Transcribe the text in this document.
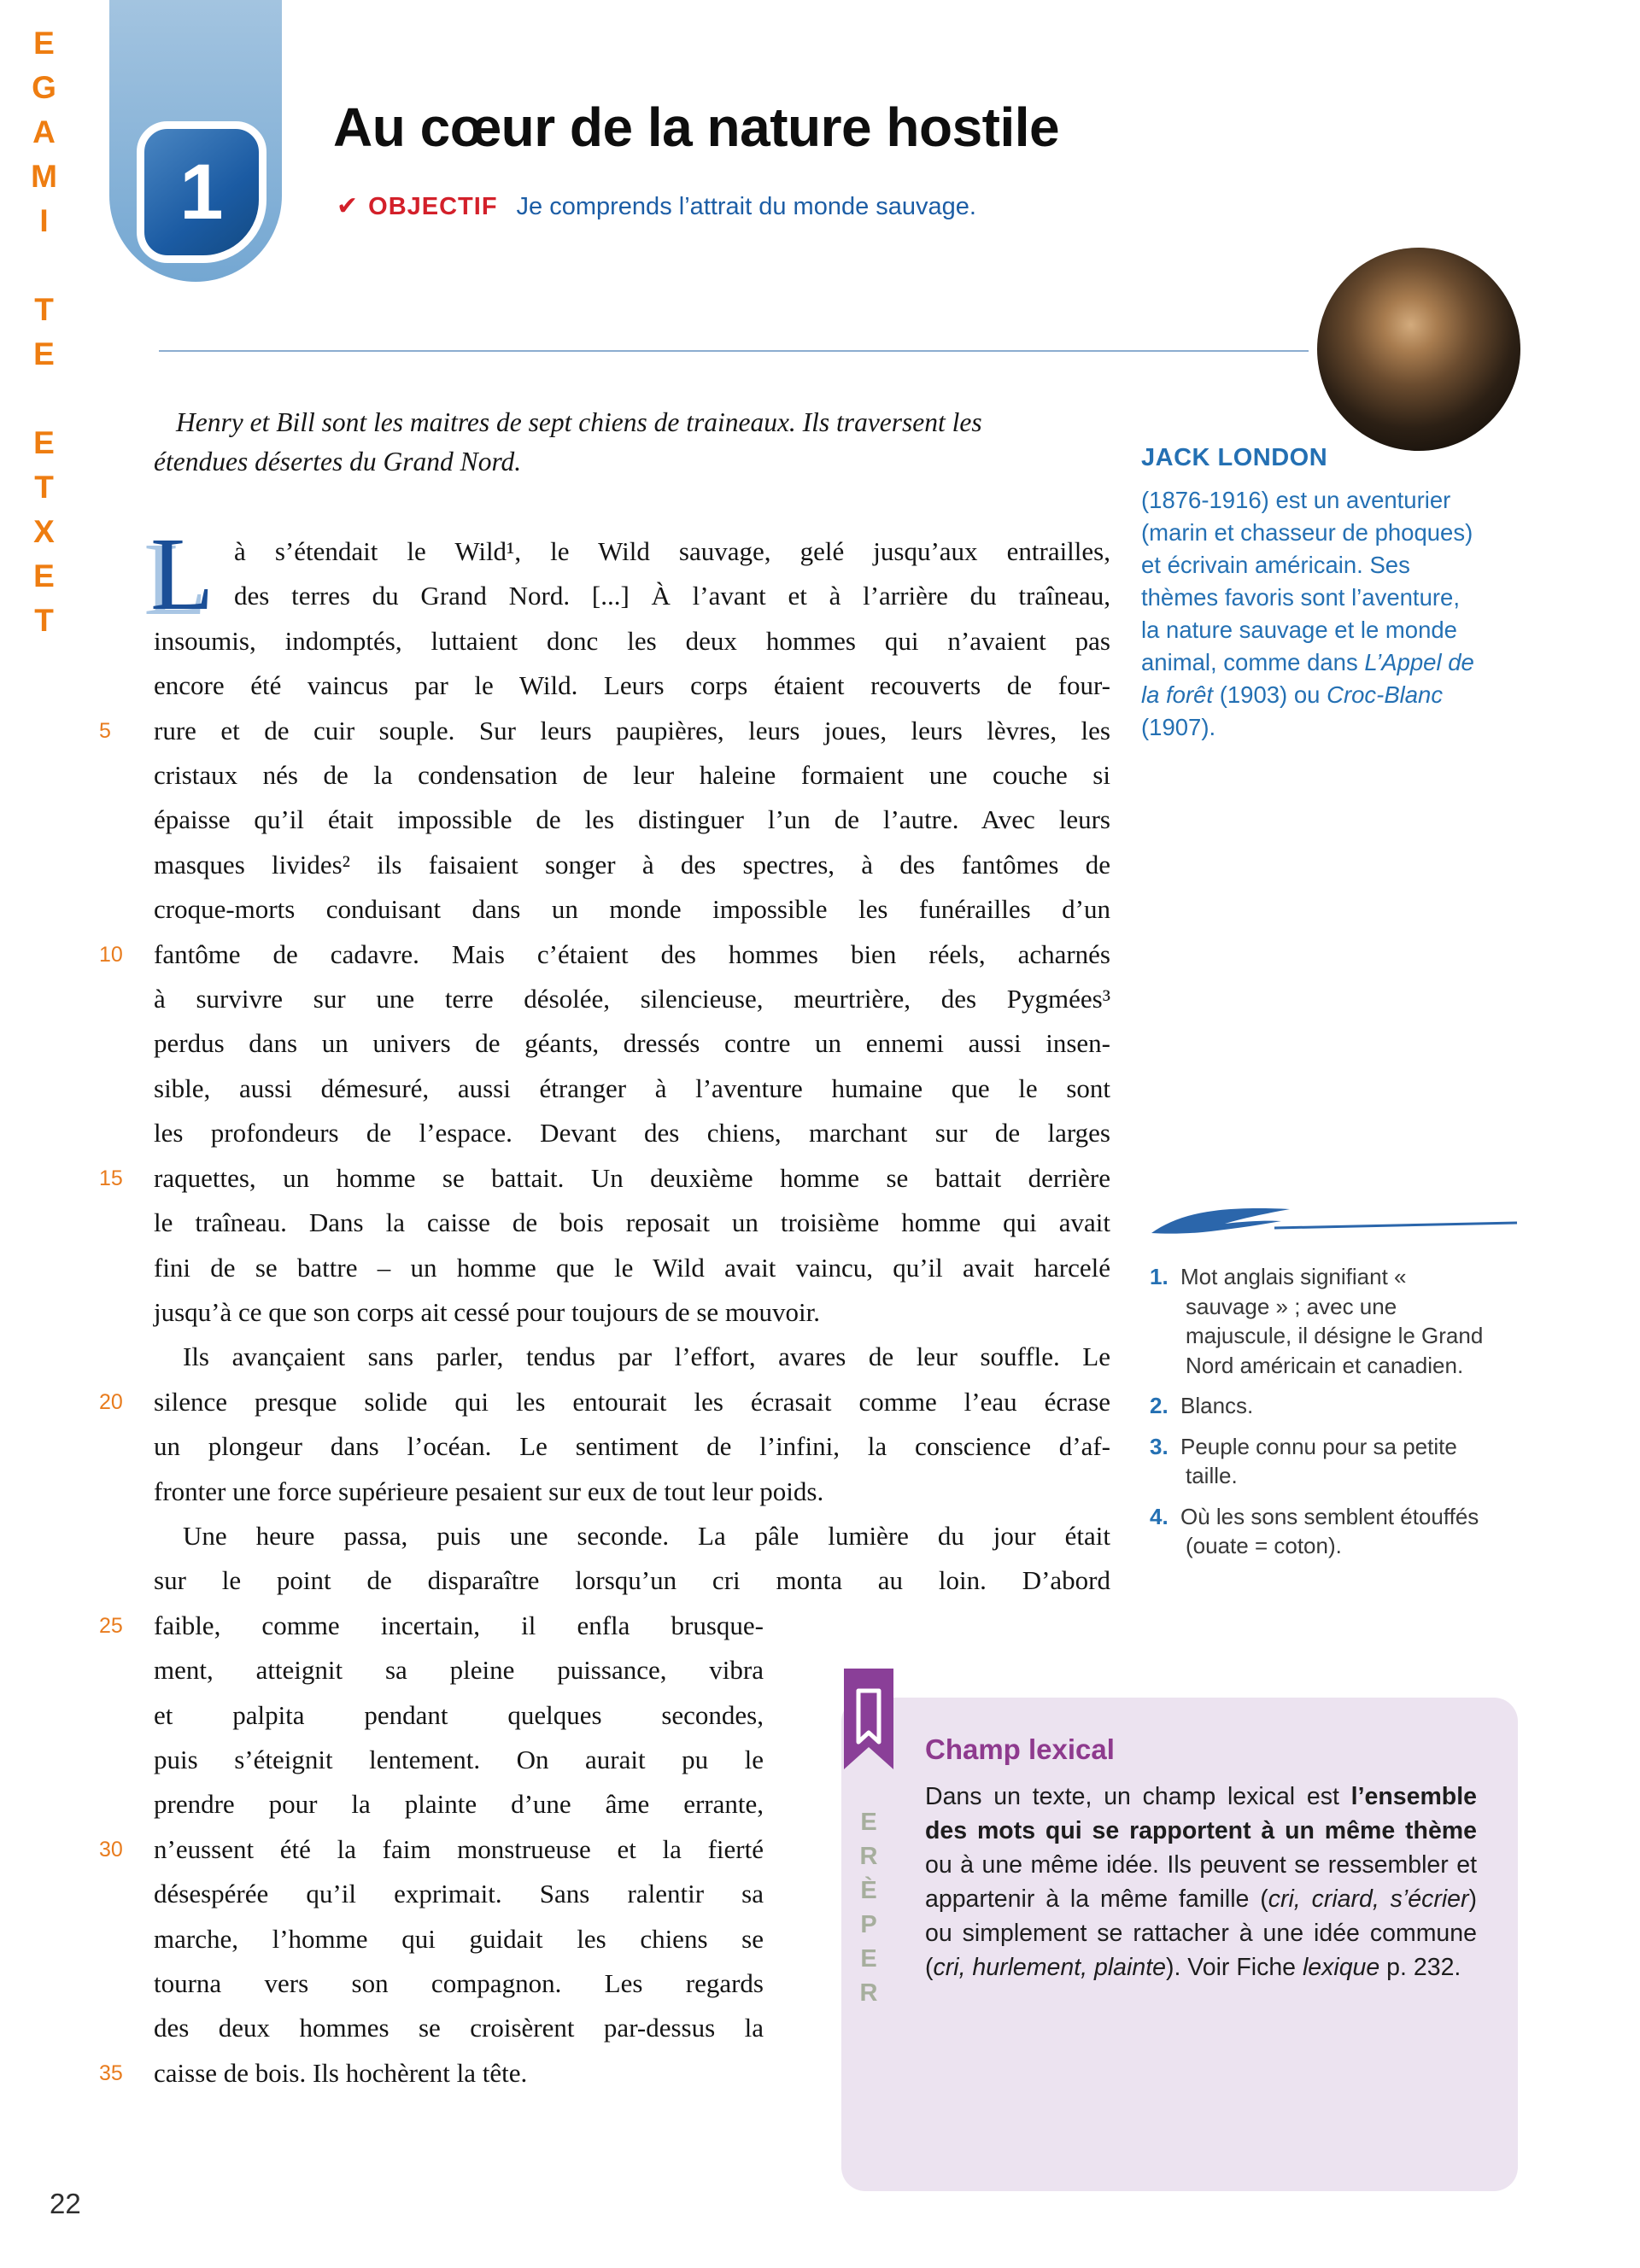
EGAMI TE ETXET 1
Au cœur de la nature hostile
✔ OBJECTIF Je comprends l’attrait du monde sauvage.
Henry et Bill sont les maitres de sept chiens de traineaux. Ils traversent les
étendues désertes du Grand Nord.
L à s’étendait le Wild¹, le Wild sauvage, gelé jusqu’aux entrailles,
des terres du Grand Nord. [...] À l’avant et à l’arrière du traîneau,
insoumis, indomptés, luttaient donc les deux hommes qui n’avaient pas
encore été vaincus par le Wild. Leurs corps étaient recouverts de four-
5	rure et de cuir souple. Sur leurs paupières, leurs joues, leurs lèvres, les
cristaux nés de la condensation de leur haleine formaient une couche si
épaisse qu’il était impossible de les distinguer l’un de l’autre. Avec leurs
masques livides² ils faisaient songer à des spectres, à des fantômes de
croque-morts conduisant dans un monde impossible les funérailles d’un
10	fantôme de cadavre. Mais c’étaient des hommes bien réels, acharnés
à survivre sur une terre désolée, silencieuse, meurtrière, des Pygmées³
perdus dans un univers de géants, dressés contre un ennemi aussi insen-
sible, aussi démesuré, aussi étranger à l’aventure humaine que le sont
les profondeurs de l’espace. Devant des chiens, marchant sur de larges
15	raquettes, un homme se battait. Un deuxième homme se battait derrière
le traîneau. Dans la caisse de bois reposait un troisième homme qui avait
fini de se battre – un homme que le Wild avait vaincu, qu’il avait harcelé
jusqu’à ce que son corps ait cessé pour toujours de se mouvoir.
Ils avançaient sans parler, tendus par l’effort, avares de leur souffle. Le
20	silence presque solide qui les entourait les écrasait comme l’eau écrase
un plongeur dans l’océan. Le sentiment de l’infini, la conscience d’af-
fronter une force supérieure pesaient sur eux de tout leur poids.
Une heure passa, puis une seconde. La pâle lumière du jour était
sur le point de disparaître lorsqu’un cri monta au loin. D’abord
25	faible, comme incertain, il enfla brusque-
ment, atteignit sa pleine puissance, vibra
et palpita pendant quelques secondes,
puis s’éteignit lentement. On aurait pu le
prendre pour la plainte d’une âme errante,
30	n’eussent été la faim monstrueuse et la fierté
désespérée qu’il exprimait. Sans ralentir sa
marche, l’homme qui guidait les chiens se
tourna vers son compagnon. Les regards
des deux hommes se croisèrent par-dessus la
35	caisse de bois. Ils hochèrent la tête.
JACK LONDON
(1876-1916) est un aventurier (marin et chasseur de phoques) et écrivain américain. Ses thèmes favoris sont l’aventure, la nature sauvage et le monde animal, comme dans L’Appel de la forêt (1903) ou Croc-Blanc (1907).
1. Mot anglais signifiant « sauvage » ; avec une majuscule, il désigne le Grand Nord américain et canadien.
2. Blancs.
3. Peuple connu pour sa petite taille.
4. Où les sons semblent étouffés (ouate = coton).
Champ lexical
Dans un texte, un champ lexical est l’ensemble des mots qui se rapportent à un même thème ou à une même idée. Ils peuvent se ressembler et appartenir à la même famille (cri, criard, s’écrier) ou simplement se rattacher à une idée commune (cri, hurlement, plainte). Voir Fiche lexique p. 232.
ERÈPER
22
